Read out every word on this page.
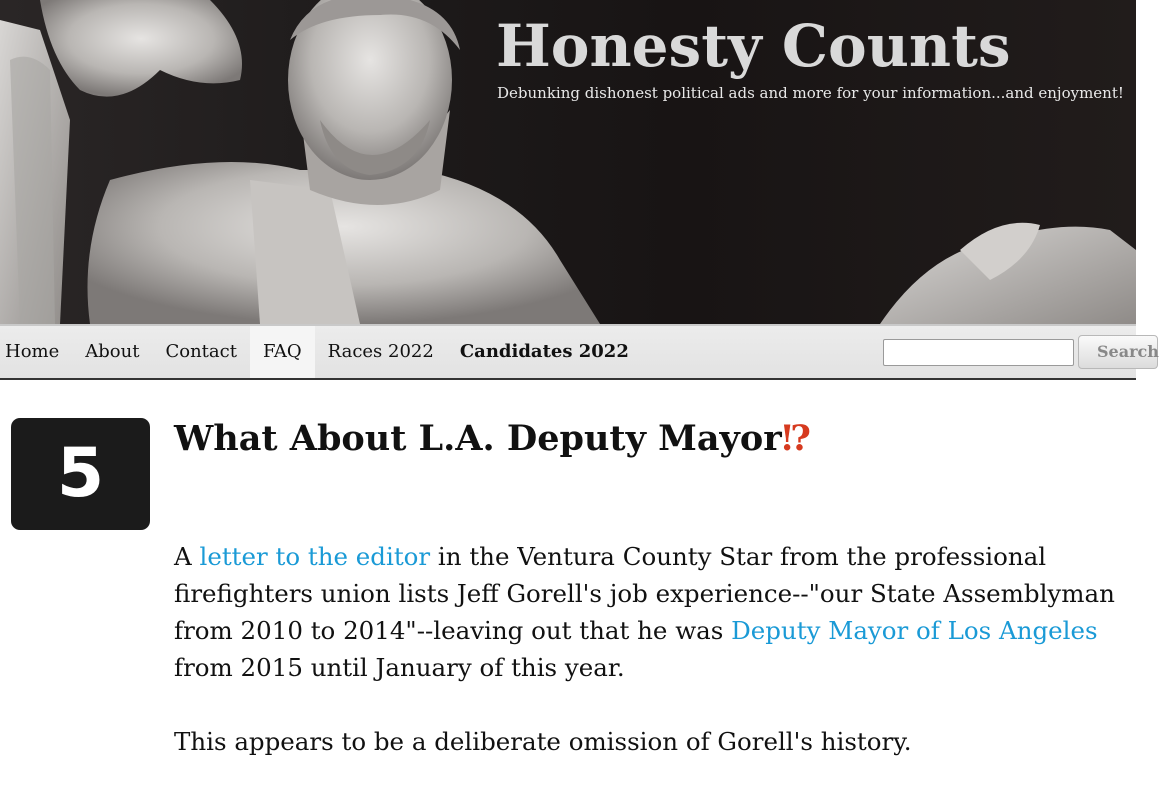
Honesty Counts
Debunking dishonest political ads and more for your information...and enjoyment!
Home	About	Contact	FAQ	Races 2022	Candidates 2022	Search
5	What About L.A. Deputy Mayor⁉

A letter to the editor in the Ventura County Star from the professional firefighters union lists Jeff Gorell's job experience--"our State Assemblyman from 2010 to 2014"--leaving out that he was Deputy Mayor of Los Angeles from 2015 until January of this year.

This appears to be a deliberate omission of Gorell's history.
